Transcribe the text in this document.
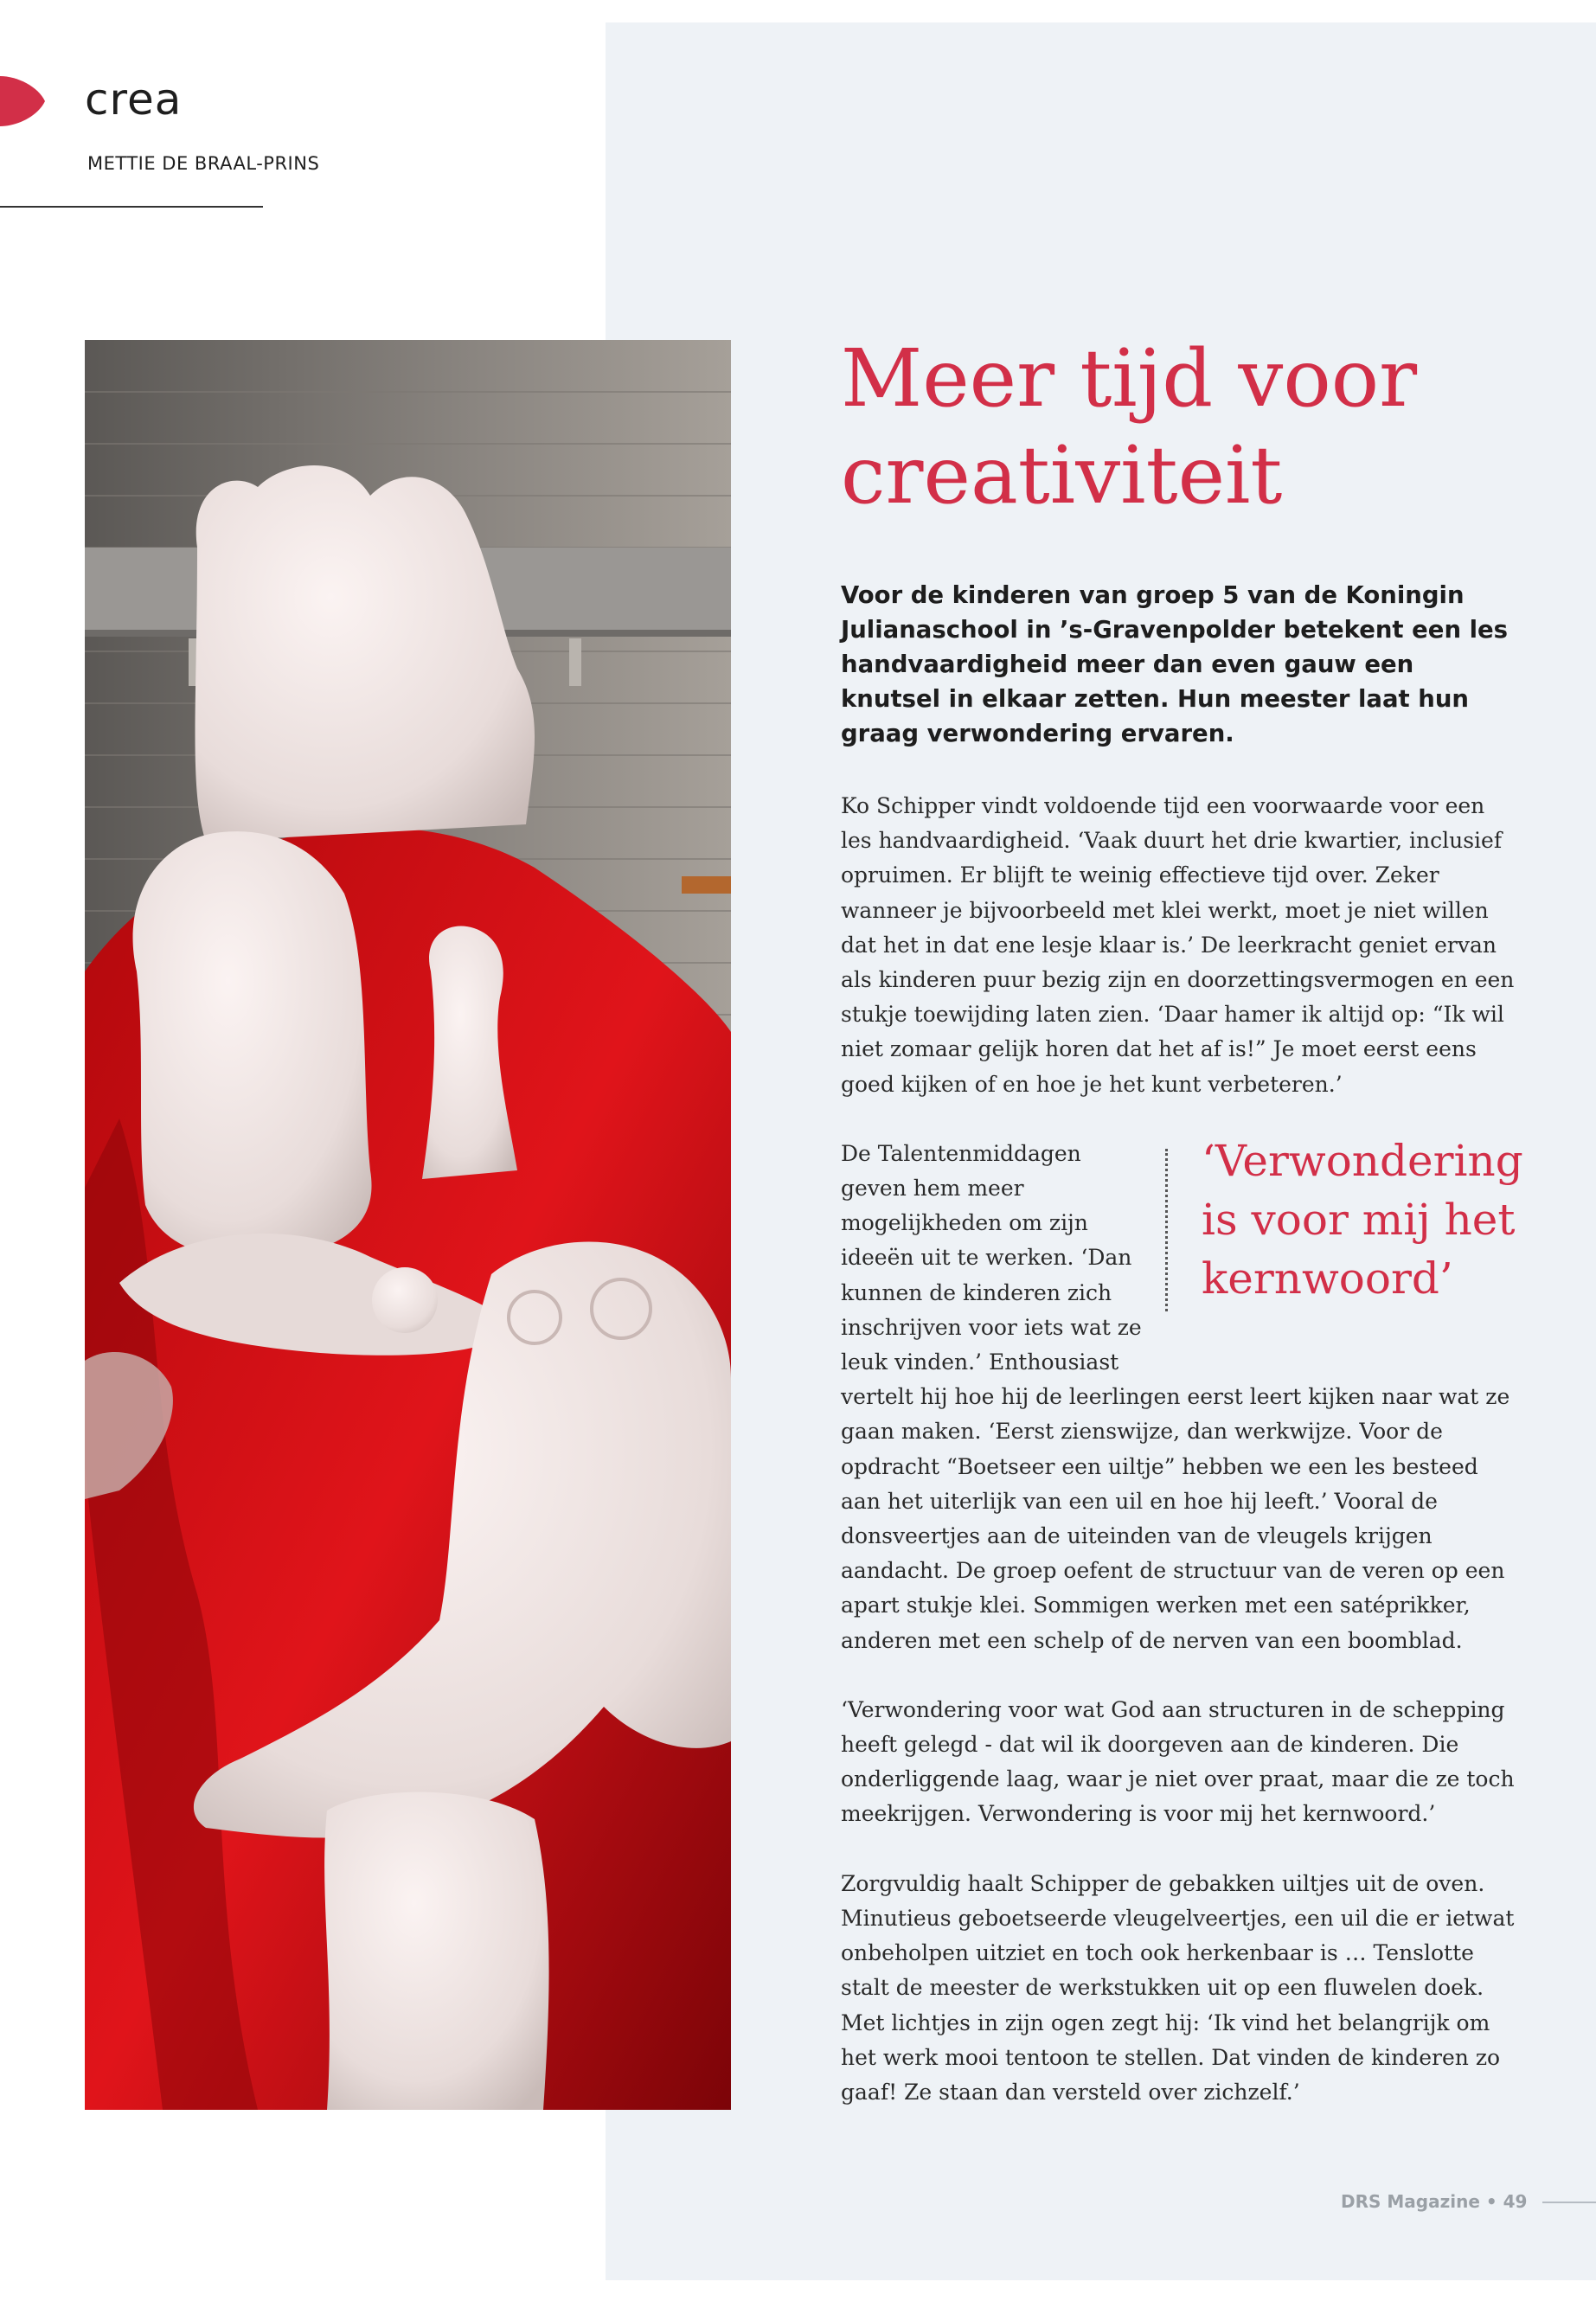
crea
METTIE DE BRAAL-PRINS
Meer tijd voor creativiteit

Voor de kinderen van groep 5 van de Koningin Julianaschool in ’s-Gravenpolder betekent een les handvaardigheid meer dan even gauw een knutsel in elkaar zetten. Hun meester laat hun graag verwondering ervaren.

Ko Schipper vindt voldoende tijd een voorwaarde voor een les handvaardigheid. ‘Vaak duurt het drie kwartier, inclusief opruimen. Er blijft te weinig effectieve tijd over. Zeker wanneer je bijvoorbeeld met klei werkt, moet je niet willen dat het in dat ene lesje klaar is.’ De leerkracht geniet ervan als kinderen puur bezig zijn en doorzettingsvermogen en een stukje toewijding laten zien. ‘Daar hamer ik altijd op: “Ik wil niet zomaar gelijk horen dat het af is!” Je moet eerst eens goed kijken of en hoe je het kunt verbeteren.’

‘Verwondering is voor mij het kernwoord’

De Talentenmiddagen geven hem meer mogelijkheden om zijn ideeën uit te werken. ‘Dan kunnen de kinderen zich inschrijven voor iets wat ze leuk vinden.’ Enthousiast vertelt hij hoe hij de leerlingen eerst leert kijken naar wat ze gaan maken. ‘Eerst zienswijze, dan werkwijze. Voor de opdracht “Boetseer een uiltje” hebben we een les besteed aan het uiterlijk van een uil en hoe hij leeft.’ Vooral de donsveertjes aan de uiteinden van de vleugels krijgen aandacht. De groep oefent de structuur van de veren op een apart stukje klei. Sommigen werken met een satéprikker, anderen met een schelp of de nerven van een boomblad.

‘Verwondering voor wat God aan structuren in de schepping heeft gelegd - dat wil ik doorgeven aan de kinderen. Die onderliggende laag, waar je niet over praat, maar die ze toch meekrijgen. Verwondering is voor mij het kernwoord.’

Zorgvuldig haalt Schipper de gebakken uiltjes uit de oven. Minutieus geboetseerde vleugelveertjes, een uil die er ietwat onbeholpen uitziet en toch ook herkenbaar is … Tenslotte stalt de meester de werkstukken uit op een fluwelen doek. Met lichtjes in zijn ogen zegt hij: ‘Ik vind het belangrijk om het werk mooi tentoon te stellen. Dat vinden de kinderen zo gaaf! Ze staan dan versteld over zichzelf.’

DRS Magazine • 49
